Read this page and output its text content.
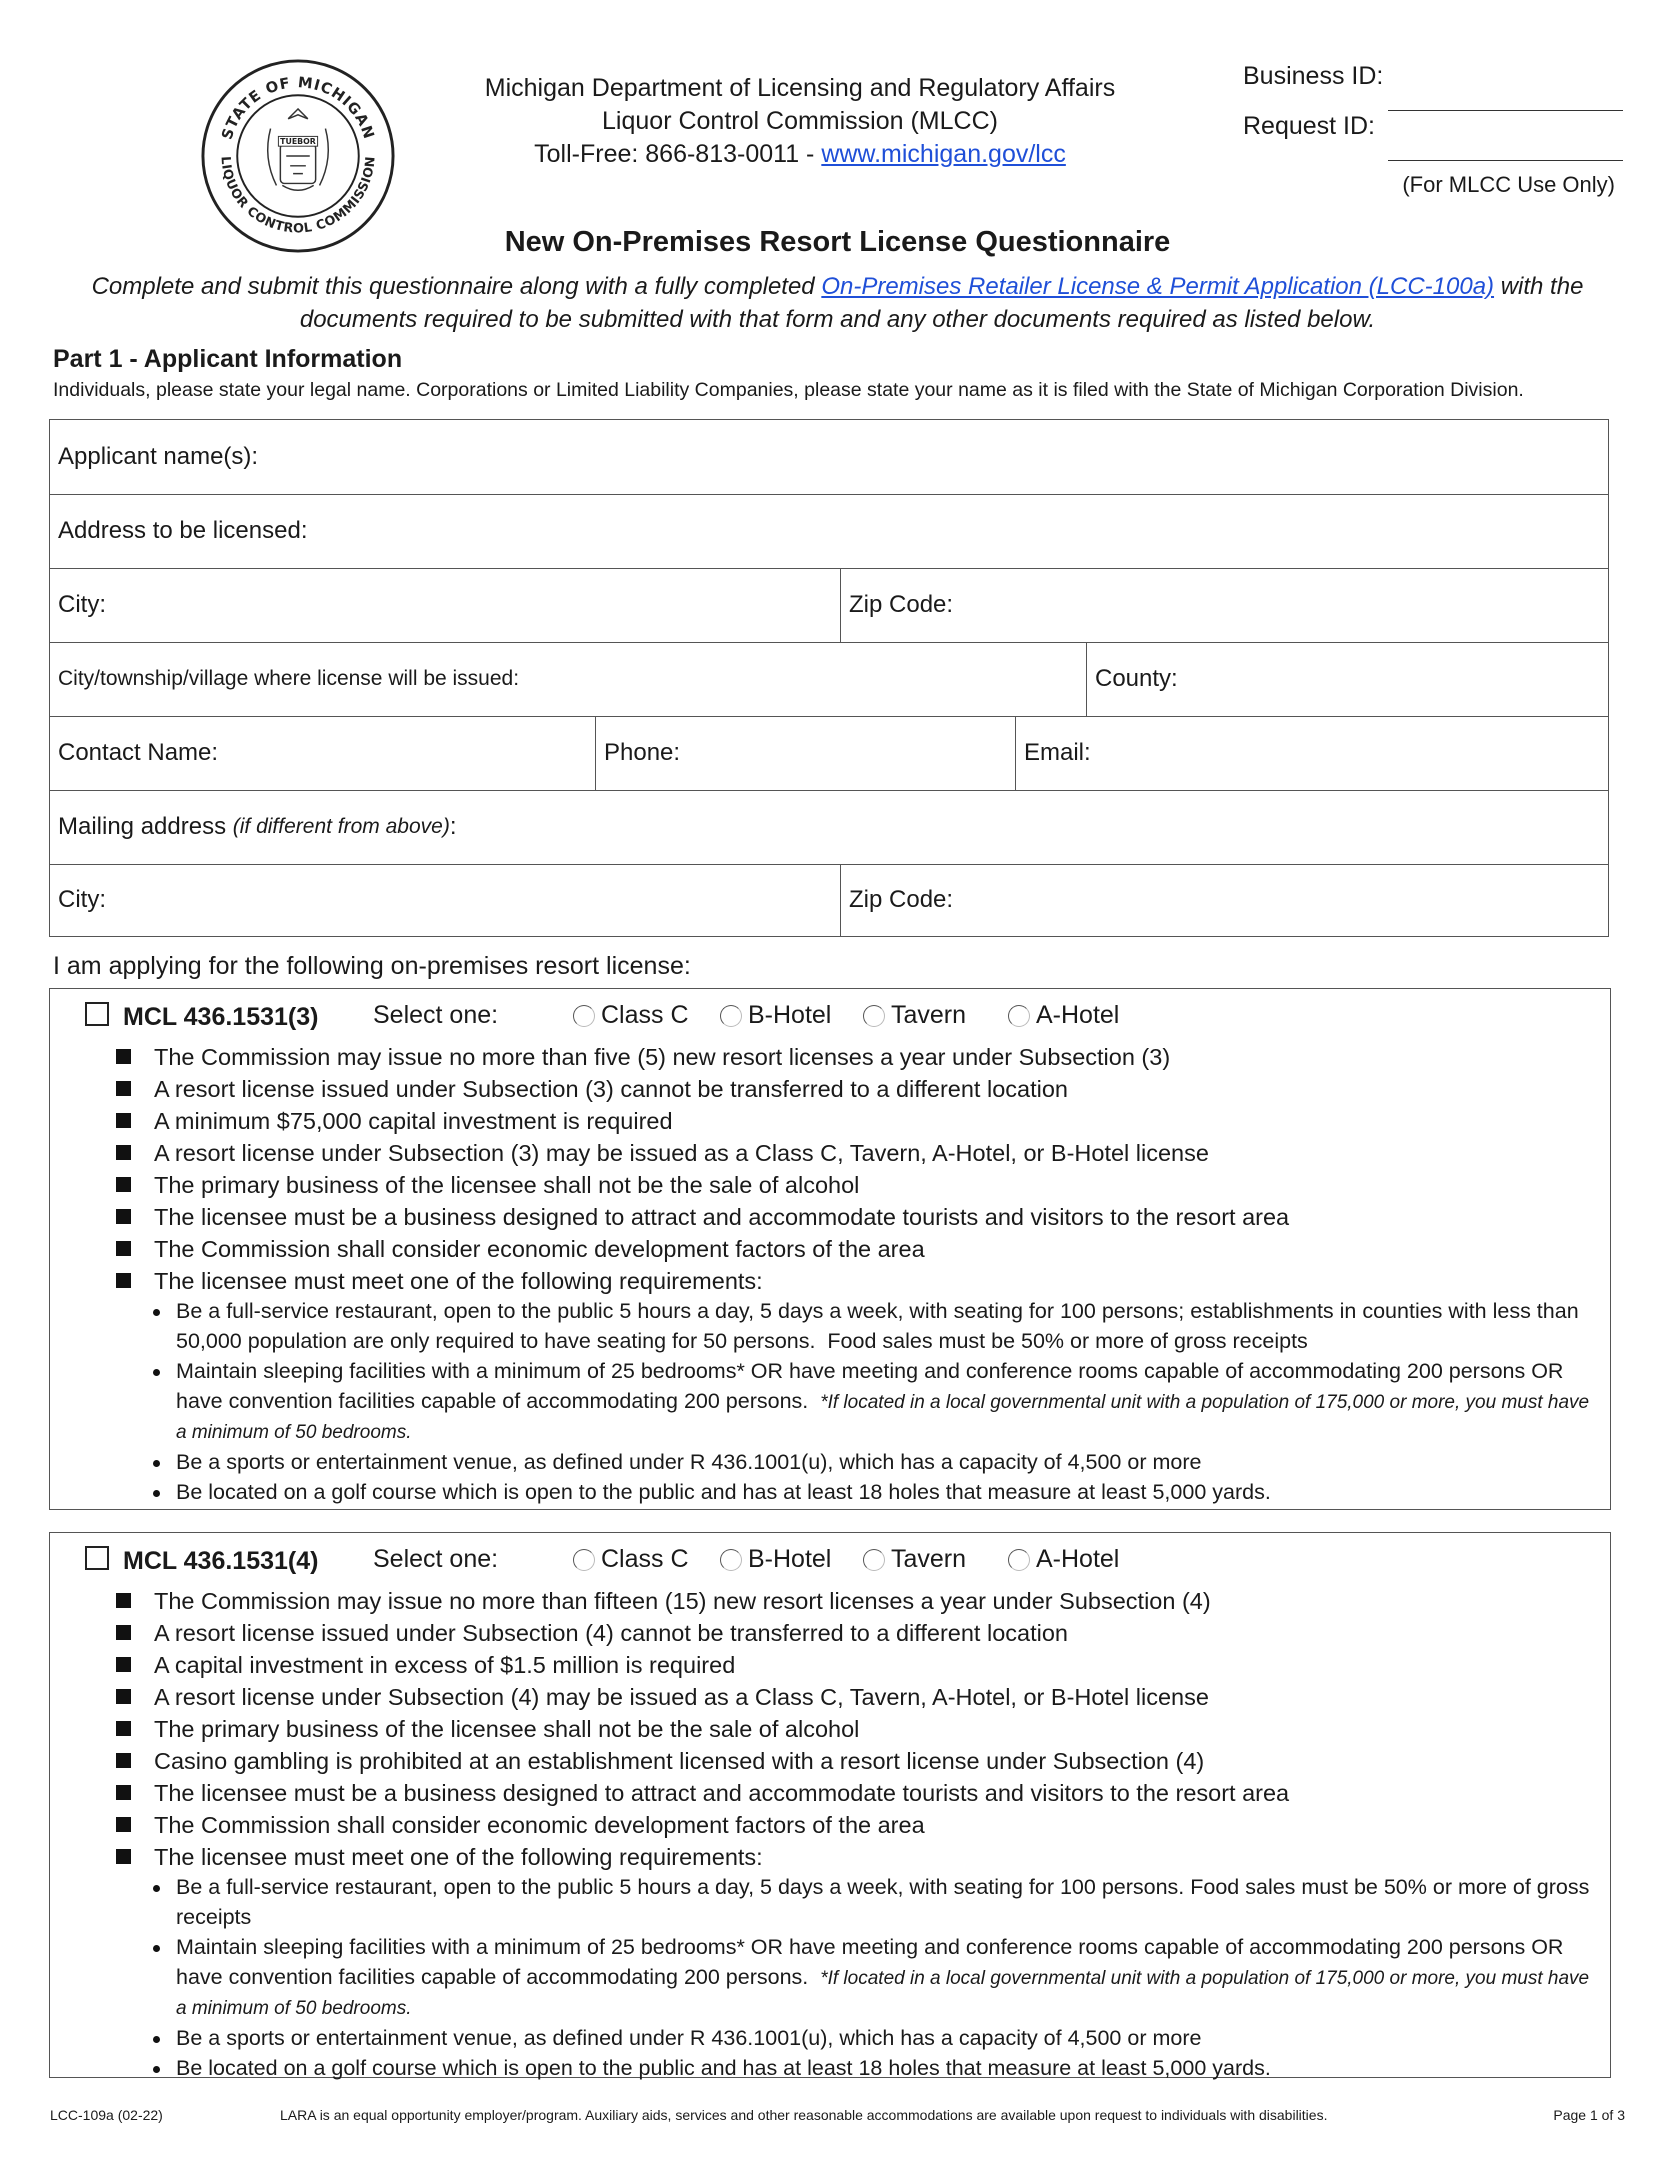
STATE OF MICHIGAN
LIQUOR CONTROL COMMISSION
TUEBOR
Michigan Department of Licensing and Regulatory Affairs
Liquor Control Commission (MLCC)
Toll-Free: 866-813-0011 - www.michigan.gov/lcc
Business ID:
Request ID:
(For MLCC Use Only)
New On-Premises Resort License Questionnaire
Complete and submit this questionnaire along with a fully completed On-Premises Retailer License & Permit Application (LCC-100a) with the documents required to be submitted with that form and any other documents required as listed below.
Part 1 - Applicant Information
Individuals, please state your legal name. Corporations or Limited Liability Companies, please state your name as it is filed with the State of Michigan Corporation Division.
Applicant name(s):
Address to be licensed:
City:	Zip Code:
City/township/village where license will be issued:	County:
Contact Name:	Phone:	Email:
Mailing address (if different from above) :
City:	Zip Code:
I am applying for the following on-premises resort license:
MCL 436.1531(3) Select one:	Class C B-Hotel Tavern	A-Hotel
The Commission may issue no more than five (5) new resort licenses a year under Subsection (3)
A resort license issued under Subsection (3) cannot be transferred to a different location
A minimum $75,000 capital investment is required
A resort license under Subsection (3) may be issued as a Class C, Tavern, A-Hotel, or B-Hotel license
The primary business of the licensee shall not be the sale of alcohol
The licensee must be a business designed to attract and accommodate tourists and visitors to the resort area
The Commission shall consider economic development factors of the area
The licensee must meet one of the following requirements:
Be a full-service restaurant, open to the public 5 hours a day, 5 days a week, with seating for 100 persons; establishments in counties with less than 50,000 population are only required to have seating for 50 persons.  Food sales must be 50% or more of gross receipts
Maintain sleeping facilities with a minimum of 25 bedrooms* OR have meeting and conference rooms capable of accommodating 200 persons OR have convention facilities capable of accommodating 200 persons.  *If located in a local governmental unit with a population of 175,000 or more, you must have a minimum of 50 bedrooms.
Be a sports or entertainment venue, as defined under R 436.1001(u), which has a capacity of 4,500 or more
Be located on a golf course which is open to the public and has at least 18 holes that measure at least 5,000 yards.
MCL 436.1531(4) Select one:	Class C B-Hotel Tavern	A-Hotel
The Commission may issue no more than fifteen (15) new resort licenses a year under Subsection (4)
A resort license issued under Subsection (4) cannot be transferred to a different location
A capital investment in excess of $1.5 million is required
A resort license under Subsection (4) may be issued as a Class C, Tavern, A-Hotel, or B-Hotel license
The primary business of the licensee shall not be the sale of alcohol
Casino gambling is prohibited at an establishment licensed with a resort license under Subsection (4)
The licensee must be a business designed to attract and accommodate tourists and visitors to the resort area
The Commission shall consider economic development factors of the area
The licensee must meet one of the following requirements:
Be a full-service restaurant, open to the public 5 hours a day, 5 days a week, with seating for 100 persons. Food sales must be 50% or more of gross receipts
Maintain sleeping facilities with a minimum of 25 bedrooms* OR have meeting and conference rooms capable of accommodating 200 persons OR have convention facilities capable of accommodating 200 persons.  *If located in a local governmental unit with a population of 175,000 or more, you must have a minimum of 50 bedrooms.
Be a sports or entertainment venue, as defined under R 436.1001(u), which has a capacity of 4,500 or more
Be located on a golf course which is open to the public and has at least 18 holes that measure at least 5,000 yards.
LCC-109a (02-22)	LARA is an equal opportunity employer/program. Auxiliary aids, services and other reasonable accommodations are available upon request to individuals with disabilities.	Page 1 of 3
